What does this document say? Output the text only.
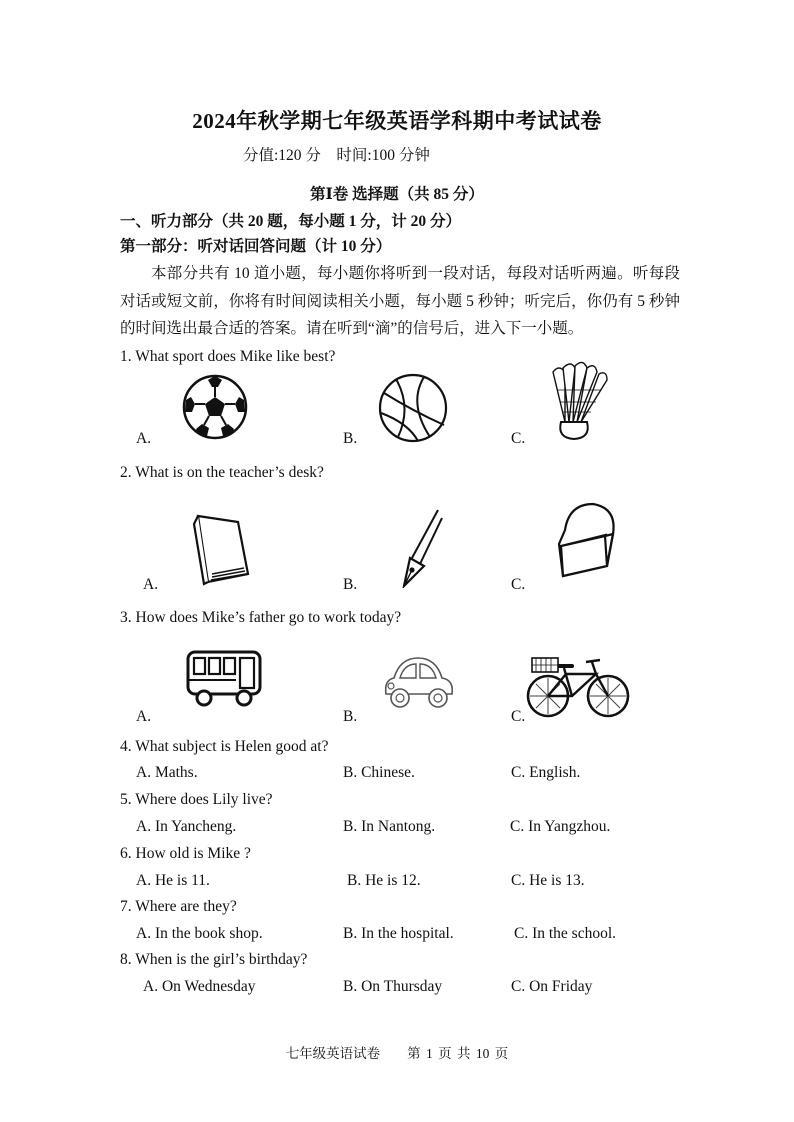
2024年秋学期七年级英语学科期中考试试卷
分值:120 分　时间:100 分钟
第Ⅰ卷 选择题（共 85 分）
一、听力部分（共 20 题，每小题 1 分，计 20 分）
第一部分：听对话回答问题（计 10 分）
本部分共有 10 道小题，每小题你将听到一段对话，每段对话听两遍。听每段对话或短文前，你将有时间阅读相关小题，每小题 5 秒钟；听完后，你仍有 5 秒钟的时间选出最合适的答案。请在听到“滴”的信号后，进入下一小题。
1. What sport does Mike like best?
A.	B.	C.
2. What is on the teacher’s desk?
A.	B.	C.
3. How does Mike’s father go to work today?
A.	B.	C.
4. What subject is Helen good at?
A. Maths.	B. Chinese.	C. English.
5. Where does Lily live?
A. In Yancheng.	B. In Nantong.	C. In Yangzhou.
6. How old is Mike ?
A. He is 11.	B. He is 12.	C. He is 13.
7. Where are they?
A. In the book shop.	B. In the hospital.	C. In the school.
8. When is the girl’s birthday?
A. On Wednesday	B. On Thursday	C. On Friday
七年级英语试卷　　第 1 页 共 10 页
